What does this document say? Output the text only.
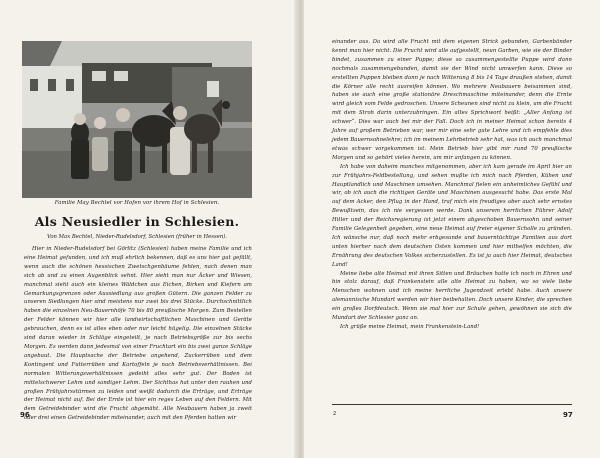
Familie May Bechtel vor Hofen vor ihrem Hof in Schlesien.
Als Neusiedler in Schlesien.
Von Max Bechtel, Nieder-Rudelsdorf, Schlesien (früher in Hessen).

Hier in Nieder-Rudelsdorf bei Görlitz (Schlesien) haben meine Familie und ich eine Heimat gefunden, und ich muß ehrlich bekennen, daß es uns hier gut gefällt, wenn auch die schönen hessischen Zwetschgenbäume fehlen, nach denen man sich ab und zu einen Augenblick sehnt. Hier sieht man nur Äcker und Wiesen, manchmal sieht auch ein kleines Wäldchen aus Eichen, Birken und Kiefern am Gemarkungsgrenzen oder Aussiedlung aus großen Gütern. Die ganzen Felder zu unseren Siedlungen hier sind meistens nur zwei bis drei Stücke. Durchschnittlich haben die einzelnen Neu-Bauernhöfe 70 bis 80 preußische Morgen. Zum Bestellen der Felder können wir hier alle landwirtschaftlichen Maschinen und Geräte gebrauchen, denn es ist alles eben oder nur leicht hügelig. Die einzelnen Stücke sind daran wieder in Schläge eingeteilt, je nach Betriebsgröße zur bis sechs Morgen. Es werden dann jedesmal von einer Fruchtart ein bis zwei ganze Schläge angebaut. Die Hauptsache der Betriebe angehend, Zuckerrüben und dem Kontingent und Futterrüben und Kartoffeln je nach Betriebsverhältnissen. Bei normalen Witterungsverhältnissen gedeiht alles sehr gut. Der Boden ist mittelschwerer Lehm und sandiger Lehm. Der Sichthas hat unter den rauhen und großen Frühjahrsstürmen zu leiden und weißt dadurch die Erträge, und Erträge der Heimat nicht auf. Bei der Ernte ist hier ein reges Leben auf den Feldern. Mit dem Getreidebinder wird die Frucht abgemäht. Alle Neubauern haben ja zweit oder drei einen Getreidebinder miteinander, auch mit den Pferden hatten wir

96

einander aus. Da wird alle Frucht mit dem eigenen Strick gebunden, Garbenbänder kennt man hier nicht. Die Frucht wird alle aufgestellt, neun Garben, wie sie der Binder bindet, zusammen zu einer Puppe; diese so zusammengestellte Puppe wird dann nochmals zusammengebunden, damit sie der Wind nicht umwerfen kann. Diese so erstellten Puppen bleiben dann je nach Witterung 8 bis 14 Tage draußen stehen, damit die Körner alle recht ausreifen können. Wo mehrere Neubauern beisammen sind, haben sie auch eine große stationäre Dreschmaschine miteinander, denn die Ernte wird gleich vom Felde gedroschen. Unsere Scheunen sind nicht zu klein, um die Frucht mit dem Stroh darin unterzubringen. Ein altes Sprichwort heißt: „Aller Anfang ist schwer“. Dies war auch bei mir der Fall. Doch ich in meiner Heimat schon bereits 4 Jahre auf großem Betrieben war, wer mir eine sehr gute Lehre und ich empfehle dies jedem Bauernsohnelehre; ich im meinem Lehrbetrieb sehr hat, was ich auch manchmal etwas schwer vorgekommen ist. Mein Betrieb hier gibt mir rund 70 preußische Morgen und so gehört vieles herein, um mir anfangen zu können.

Ich habe von daheim manches mitgenommen, aber ich kam gerade im April hier an zur Frühjahrs-Feldbestellung, und sehen mußte ich mich nach Pferden, Kühen und Hauptlandlich und Maschinen umsehen. Manchmal fielen ein unheimliches Gefühl und wir, ob ich auch die richtigen Geräte und Maschinen ausgesucht habe. Das erste Mal auf dem Acker, den Pflug in der Hand, traf mich ein freudiges aber auch sehr ernstes Bewußtsein, das ich nie vergessen werde. Dank unserem herrlichen Führer Adolf Hitler und der Reichsregierung ist jetzt einem abgeschoben Bauernsohn und seiner Familie Gelegenheit gegeben, eine neue Heimat auf freier eigener Scholle zu gründen. Ich wünsche nur, daß noch mehr erbgesunde und bauerntüchtige Familien aus dort unten hierher nach dem deutschen Osten kommen und hier mithelfen möchten, die Ernährung des deutschen Volkes sicherzustellen. Es ist ja auch hier Heimat, deutsches Land!

Meine liebe alte Heimat mit ihren Sitten und Bräuchen hatte ich noch in Ehren und bin stolz darauf, daß Frankenstein alle alte Heimat zu haben, wo so viele liebe Menschen wohnen und ich meine herrliche Jugendzeit erlebt habe. Auch unsere alemannische Mundart werden wir hier beibehalten. Doch unsere Kinder, die sprechen ein großes Dorfdeutsch. Wenn sie mal hier zur Schule gehen, gewöhnen sie sich die Mundart der Schlesier ganz an.

Ich grüße meine Heimat, mein Frankenstein-Land!

2	97
